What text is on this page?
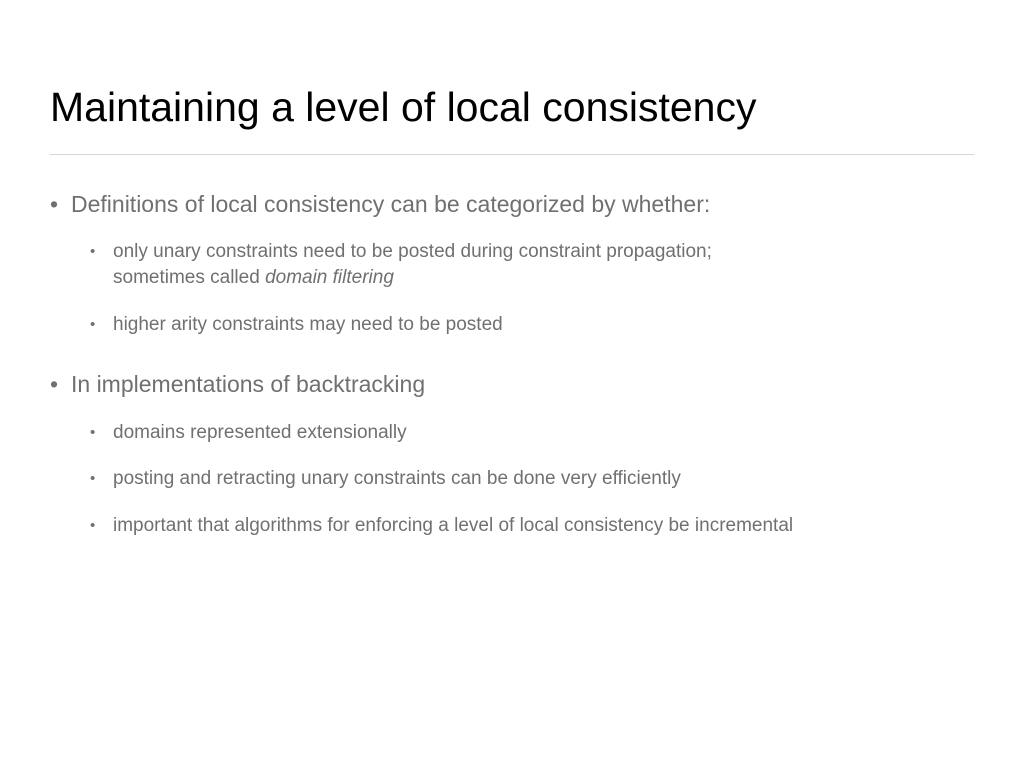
Maintaining a level of local consistency
• Definitions of local consistency can be categorized by whether:
• only unary constraints need to be posted during constraint propagation;
sometimes called domain filtering
• higher arity constraints may need to be posted
• In implementations of backtracking
• domains represented extensionally
• posting and retracting unary constraints can be done very efficiently
• important that algorithms for enforcing a level of local consistency be incremental
